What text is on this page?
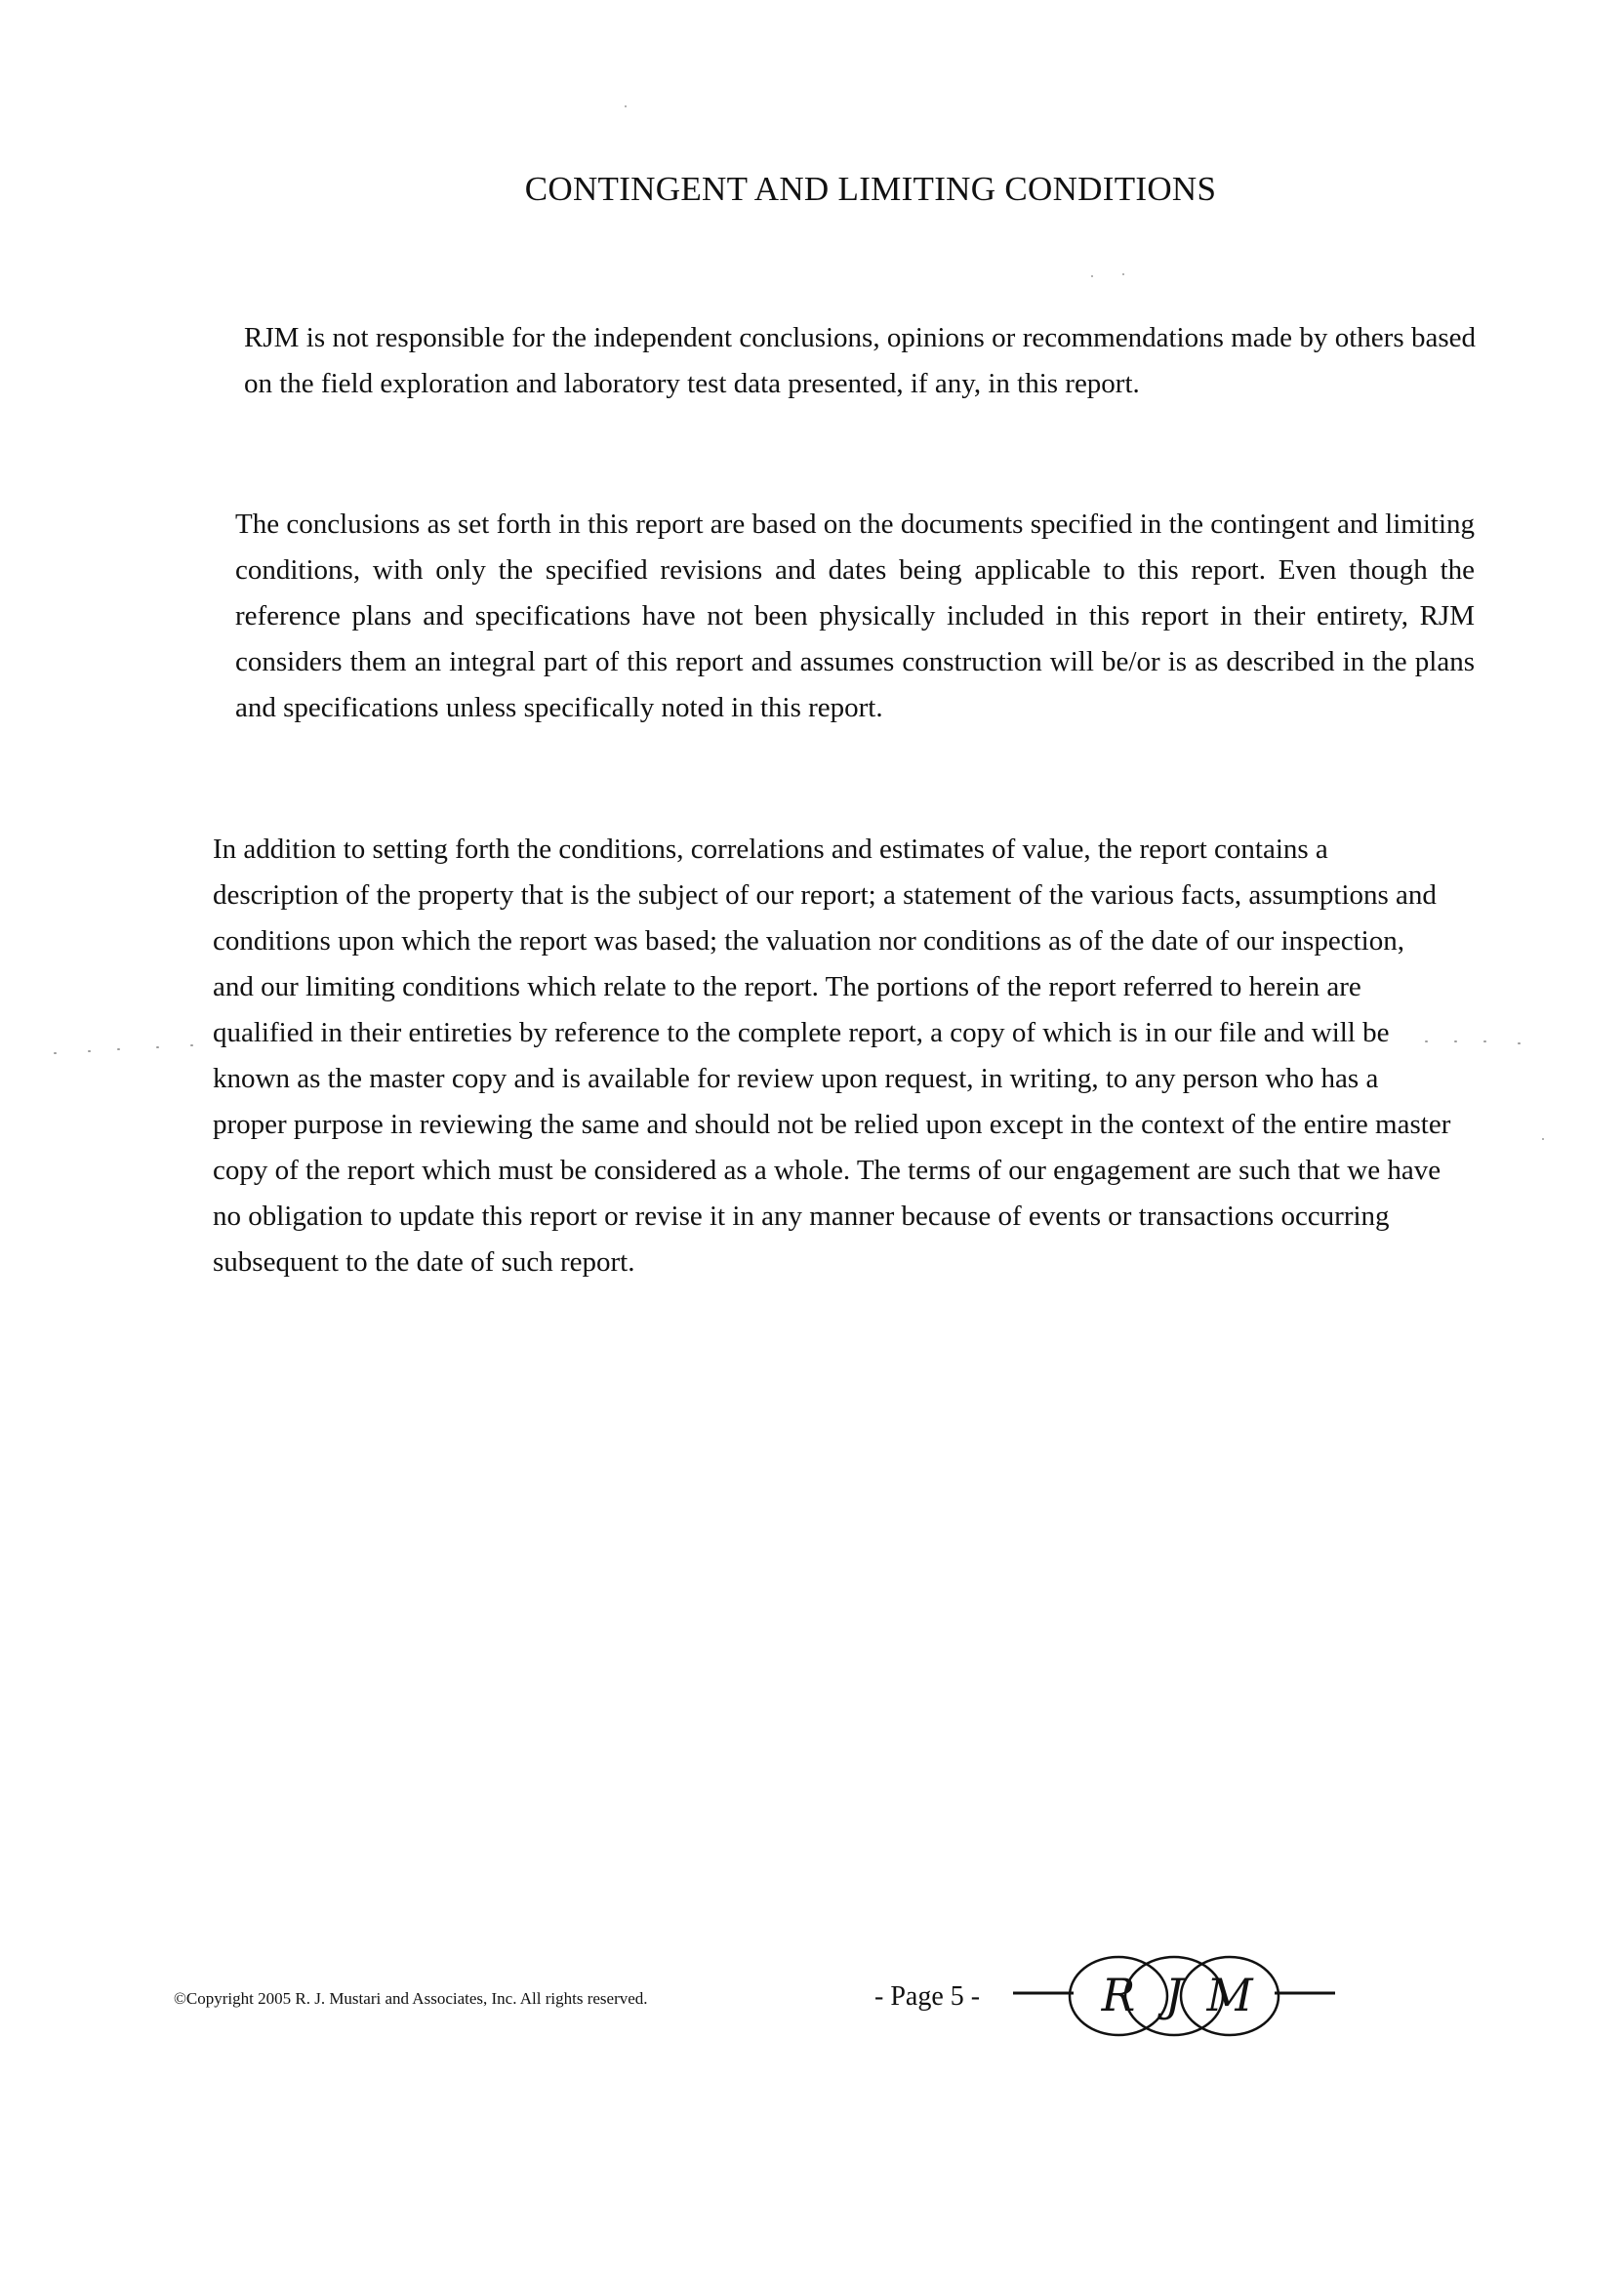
CONTINGENT AND LIMITING CONDITIONS

RJM is not responsible for the independent conclusions, opinions or recommendations made by others based on the field exploration and laboratory test data presented, if any, in this report.

The conclusions as set forth in this report are based on the documents specified in the contingent and limiting conditions, with only the specified revisions and dates being applicable to this report. Even though the reference plans and specifications have not been physically included in this report in their entirety, RJM considers them an integral part of this report and assumes construction will be/or is as described in the plans and specifications unless specifically noted in this report.

In addition to setting forth the conditions, correlations and estimates of value, the report contains a description of the property that is the subject of our report; a statement of the various facts, assumptions and conditions upon which the report was based; the valuation nor conditions as of the date of our inspection, and our limiting conditions which relate to the report. The portions of the report referred to herein are qualified in their entireties by reference to the complete report, a copy of which is in our file and will be known as the master copy and is available for review upon request, in writing, to any person who has a proper purpose in reviewing the same and should not be relied upon except in the context of the entire master copy of the report which must be considered as a whole. The terms of our engagement are such that we have no obligation to update this report or revise it in any manner because of events or transactions occurring subsequent to the date of such report.

©Copyright 2005 R. J. Mustari and Associates, Inc. All rights reserved.	- Page 5 -	R J M
